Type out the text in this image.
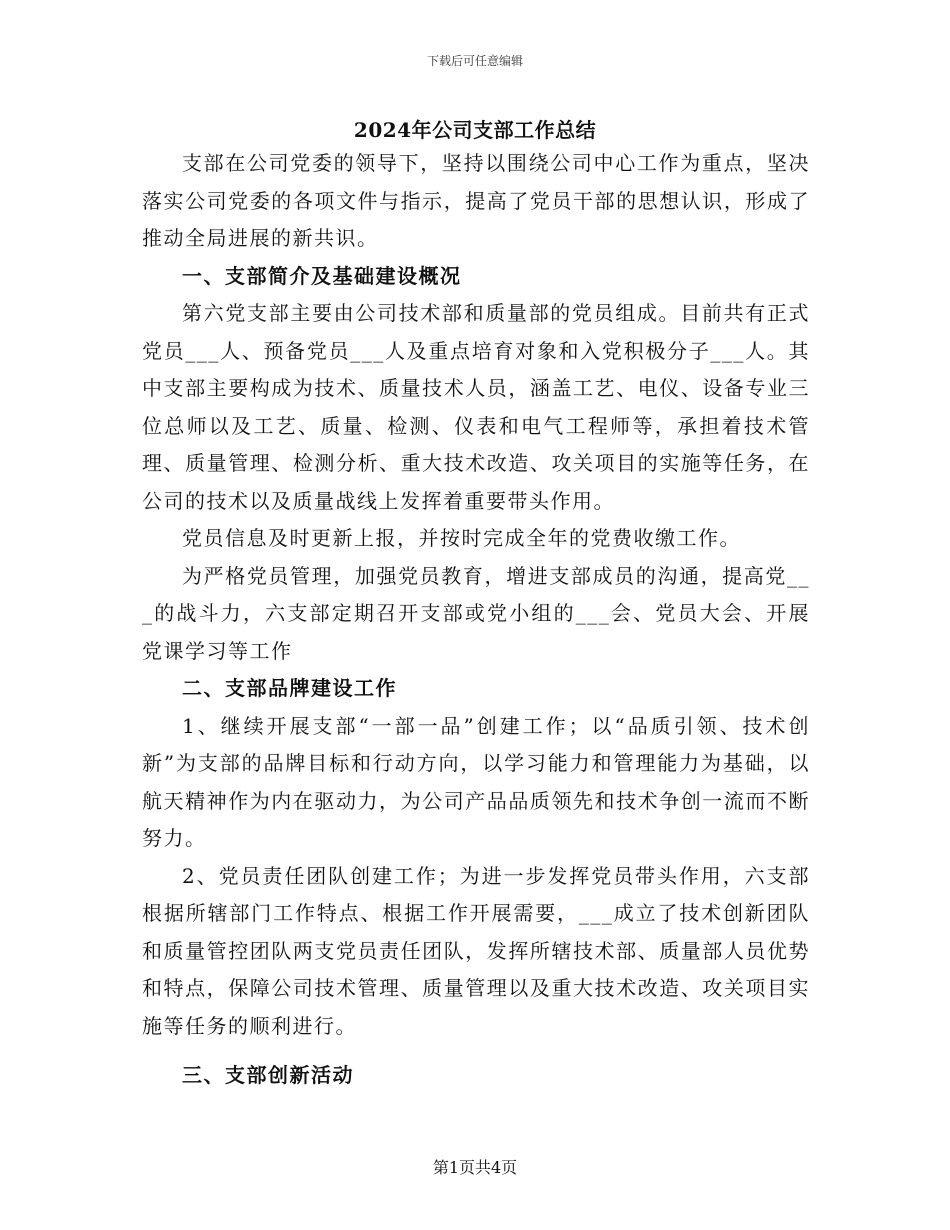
下载后可任意编辑
2024年公司支部工作总结

支部在公司党委的领导下，坚持以围绕公司中心工作为重点，坚决落实公司党委的各项文件与指示，提高了党员干部的思想认识，形成了推动全局进展的新共识。

一、支部简介及基础建设概况

第六党支部主要由公司技术部和质量部的党员组成。目前共有正式党员___人、预备党员___人及重点培育对象和入党积极分子___人。其中支部主要构成为技术、质量技术人员，涵盖工艺、电仪、设备专业三位总师以及工艺、质量、检测、仪表和电气工程师等，承担着技术管理、质量管理、检测分析、重大技术改造、攻关项目的实施等任务，在公司的技术以及质量战线上发挥着重要带头作用。

党员信息及时更新上报，并按时完成全年的党费收缴工作。

为严格党员管理，加强党员教育，增进支部成员的沟通，提高党___的战斗力，六支部定期召开支部或党小组的___会、党员大会、开展党课学习等工作

二、支部品牌建设工作

1、继续开展支部“一部一品”创建工作；以“品质引领、技术创新”为支部的品牌目标和行动方向，以学习能力和管理能力为基础，以航天精神作为内在驱动力，为公司产品品质领先和技术争创一流而不断努力。

2、党员责任团队创建工作；为进一步发挥党员带头作用，六支部根据所辖部门工作特点、根据工作开展需要，___成立了技术创新团队和质量管控团队两支党员责任团队，发挥所辖技术部、质量部人员优势和特点，保障公司技术管理、质量管理以及重大技术改造、攻关项目实施等任务的顺利进行。

三、支部创新活动
第1页共4页
